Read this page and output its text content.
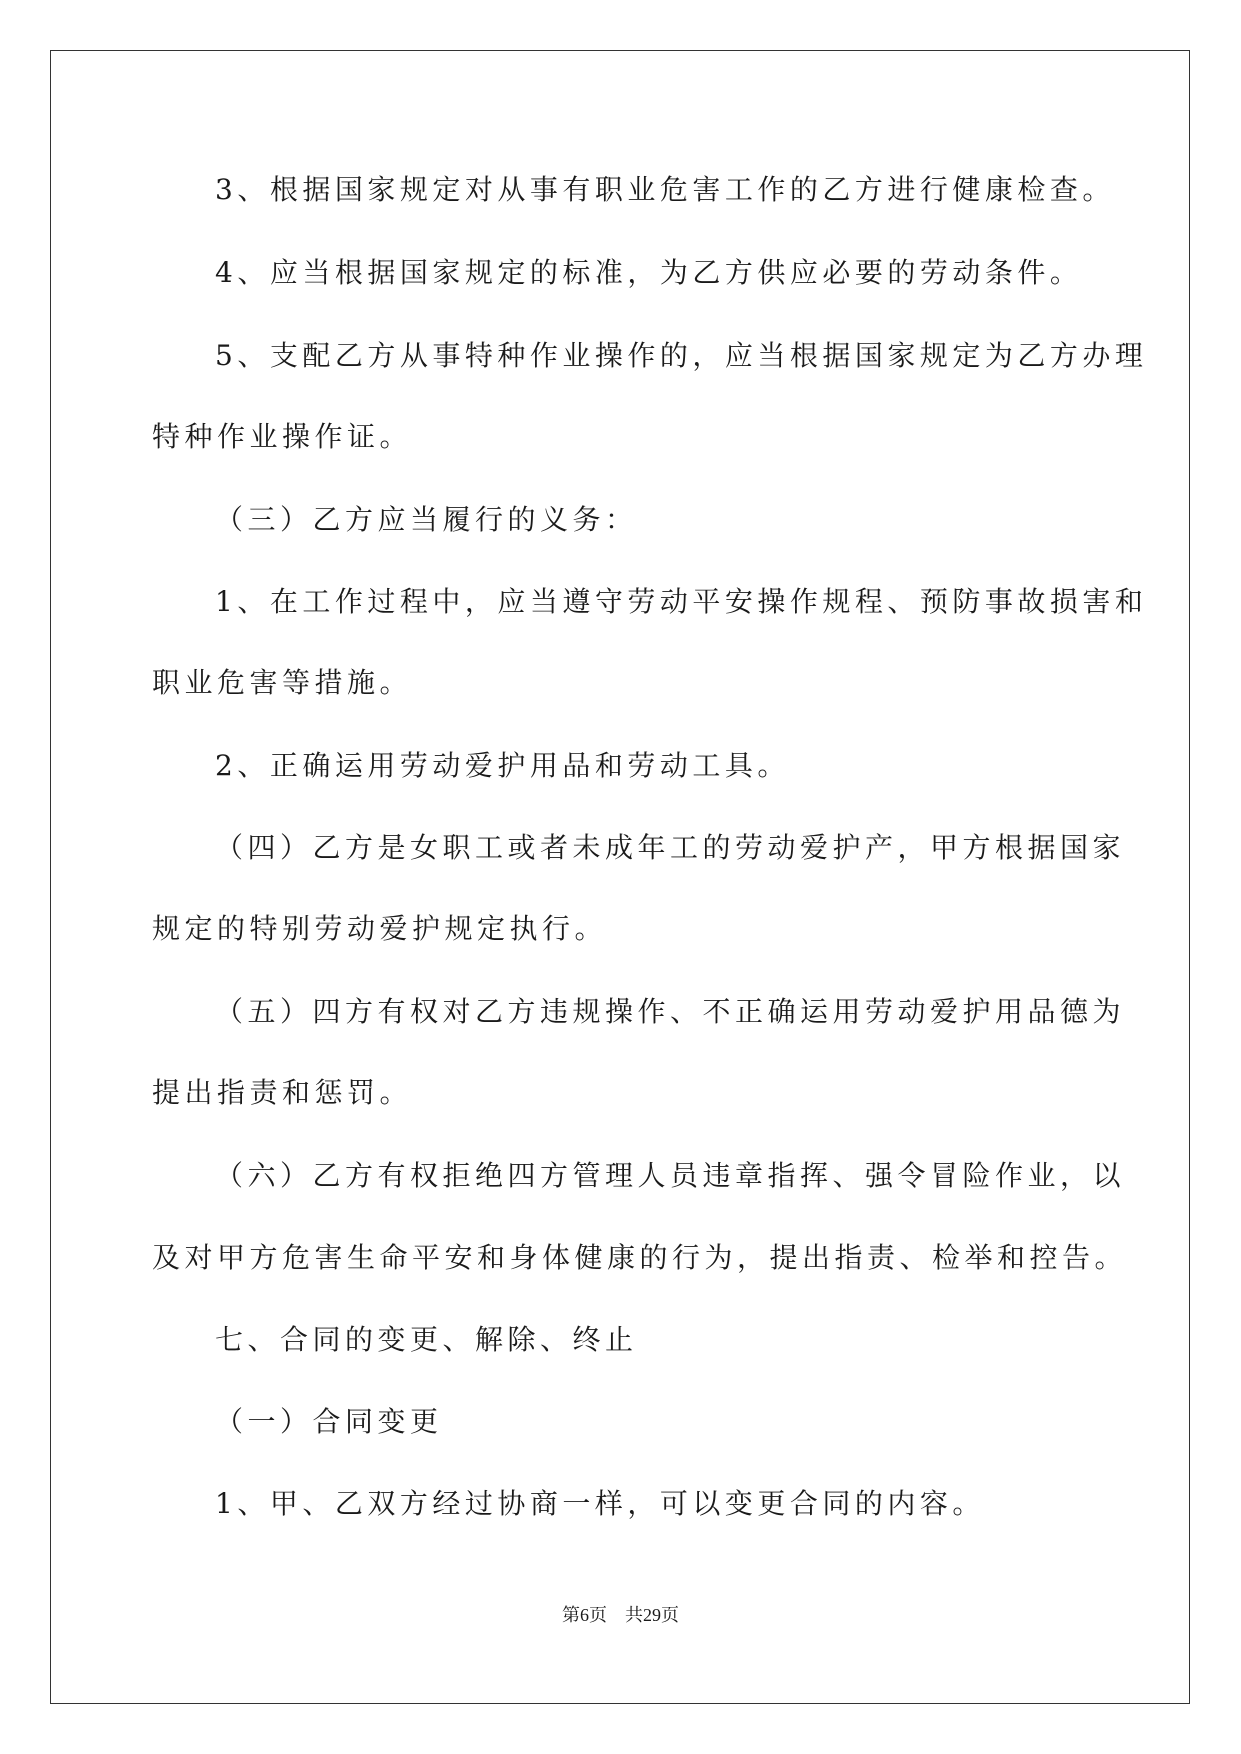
3、根据国家规定对从事有职业危害工作的乙方进行健康检查。

4、应当根据国家规定的标准，为乙方供应必要的劳动条件。

5、支配乙方从事特种作业操作的，应当根据国家规定为乙方办理

特种作业操作证。

（三）乙方应当履行的义务：

1、在工作过程中，应当遵守劳动平安操作规程、预防事故损害和

职业危害等措施。

2、正确运用劳动爱护用品和劳动工具。

（四）乙方是女职工或者未成年工的劳动爱护产，甲方根据国家

规定的特别劳动爱护规定执行。

（五）四方有权对乙方违规操作、不正确运用劳动爱护用品德为

提出指责和惩罚。

（六）乙方有权拒绝四方管理人员违章指挥、强令冒险作业，以

及对甲方危害生命平安和身体健康的行为，提出指责、检举和控告。

七、合同的变更、解除、终止

（一）合同变更

1、甲、乙双方经过协商一样，可以变更合同的内容。

第6页 共29页
